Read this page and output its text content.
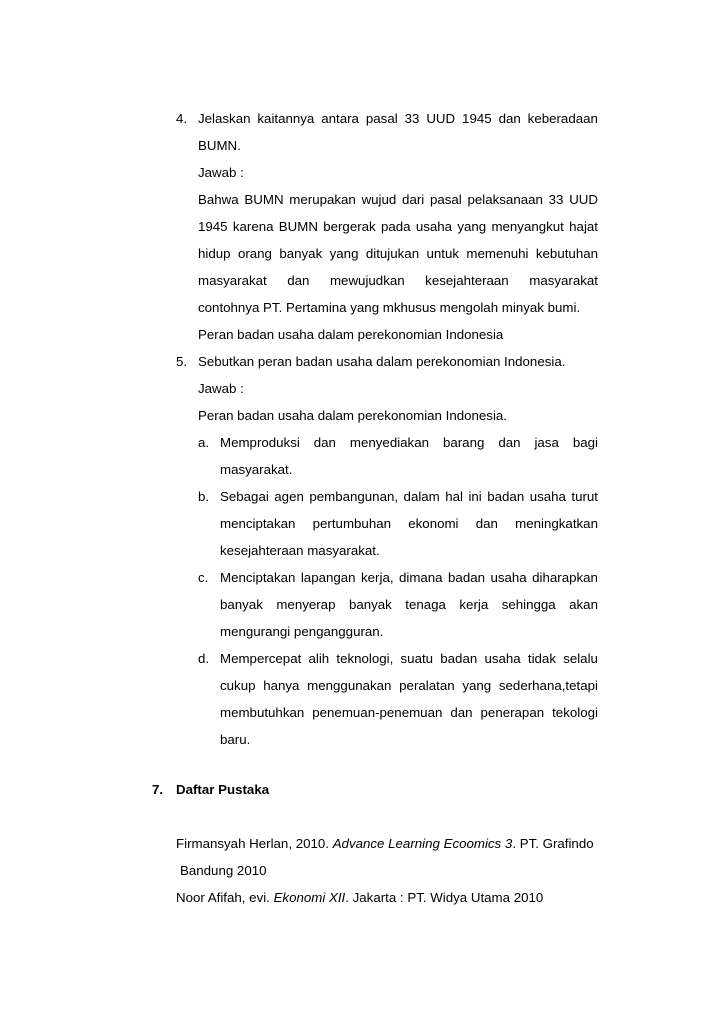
4. Jelaskan kaitannya antara pasal 33 UUD 1945 dan keberadaan
BUMN.
Jawab :
Bahwa BUMN merupakan wujud dari pasal pelaksanaan 33 UUD
1945 karena BUMN bergerak pada usaha yang menyangkut hajat
hidup orang banyak yang ditujukan untuk memenuhi kebutuhan
masyarakat dan mewujudkan kesejahteraan masyarakat
contohnya PT. Pertamina yang mkhusus mengolah minyak bumi.
Peran badan usaha dalam perekonomian Indonesia
5. Sebutkan peran badan usaha dalam perekonomian Indonesia.
Jawab :
Peran badan usaha dalam perekonomian Indonesia.
a. Memproduksi dan menyediakan barang dan jasa bagi
masyarakat.
b. Sebagai agen pembangunan, dalam hal ini badan usaha turut
menciptakan pertumbuhan ekonomi dan meningkatkan
kesejahteraan masyarakat.
c. Menciptakan lapangan kerja, dimana badan usaha diharapkan
banyak menyerap banyak tenaga kerja sehingga akan
mengurangi pengangguran.
d. Mempercepat alih teknologi, suatu badan usaha tidak selalu
cukup hanya menggunakan peralatan yang sederhana,tetapi
membutuhkan penemuan-penemuan dan penerapan tekologi
baru.
7. Daftar Pustaka
Firmansyah Herlan, 2010. Advance Learning Ecoomics 3. PT. Grafindo
Bandung 2010
Noor Afifah, evi. Ekonomi XII. Jakarta : PT. Widya Utama 2010
